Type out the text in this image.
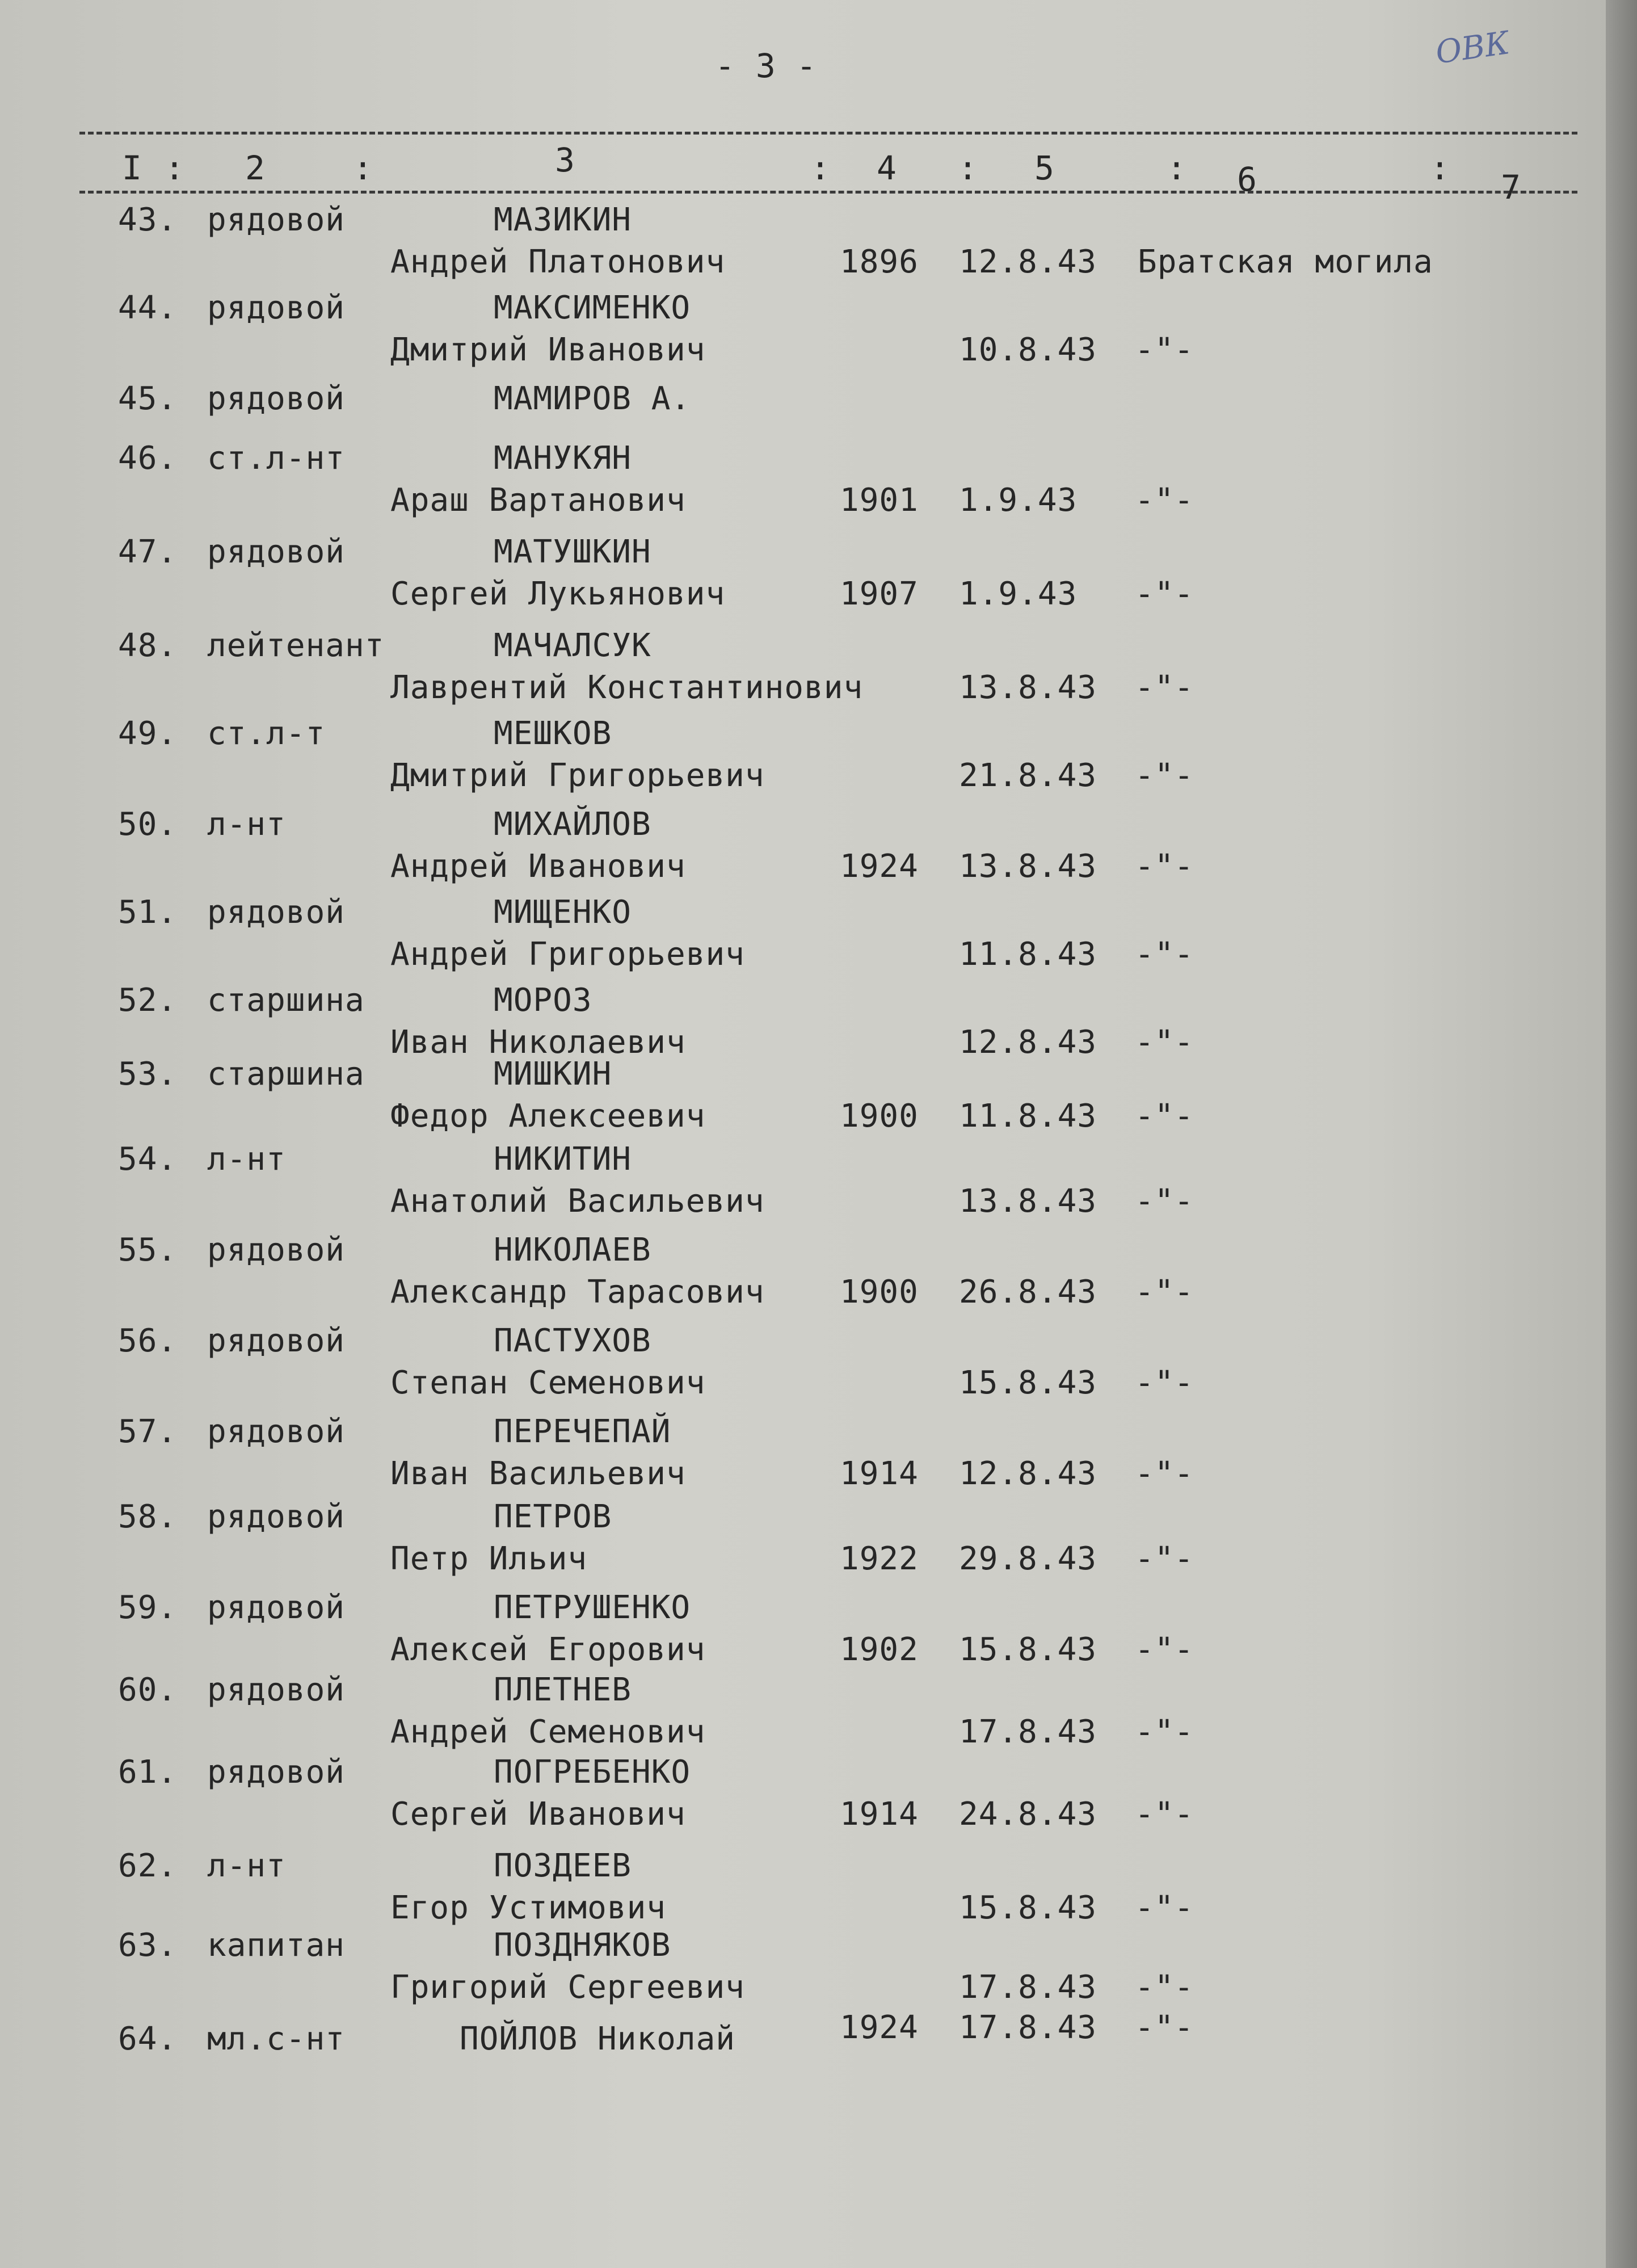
- 3 -	ОВК
I : 2	:	3	: 4 : 5	: 6	: 7
43. рядовой	МАЗИКИН
Андрей Платонович	1896 12.8.43 Братская могила
44. рядовой	МАКСИМЕНКО
Дмитрий Иванович	10.8.43 -"-
45. рядовой	МАМИРОВ А.
46. ст.л-нт	МАНУКЯН
Араш Вартанович	1901 1.9.43 -"-
47. рядовой	МАТУШКИН
Сергей Лукьянович	1907 1.9.43 -"-
48. лейтенант	МАЧАЛСУК
Лаврентий Константинович	13.8.43 -"-
49. ст.л-т	МЕШКОВ
Дмитрий Григорьевич	21.8.43 -"-
50. л-нт	МИХАЙЛОВ
Андрей Иванович	1924 13.8.43 -"-
51. рядовой	МИЩЕНКО
Андрей Григорьевич	11.8.43 -"-
52. старшина	МОРОЗ
Иван Николаевич	12.8.43 -"-
53. старшина	МИШКИН
Федор Алексеевич	1900 11.8.43 -"-
54. л-нт	НИКИТИН
Анатолий Васильевич	13.8.43 -"-
55. рядовой	НИКОЛАЕВ
Александр Тарасович 1900 26.8.43 -"-
56. рядовой	ПАСТУХОВ
Степан Семенович	15.8.43 -"-
57. рядовой	ПЕРЕЧЕПАЙ
Иван Васильевич	1914 12.8.43 -"-
58. рядовой	ПЕТРОВ
Петр Ильич	1922 29.8.43 -"-
59. рядовой	ПЕТРУШЕНКО
Алексей Егорович	1902 15.8.43 -"-
60. рядовой	ПЛЕТНЕВ
Андрей Семенович	17.8.43 -"-
61. рядовой	ПОГРЕБЕНКО
Сергей Иванович	1914 24.8.43 -"-
62. л-нт	ПОЗДЕЕВ
Егор Устимович	15.8.43 -"-
63. капитан	ПОЗДНЯКОВ
Григорий Сергеевич	17.8.43 -"-
64. мл.с-нт	ПОЙЛОВ Николай	1924 17.8.43 -"-
